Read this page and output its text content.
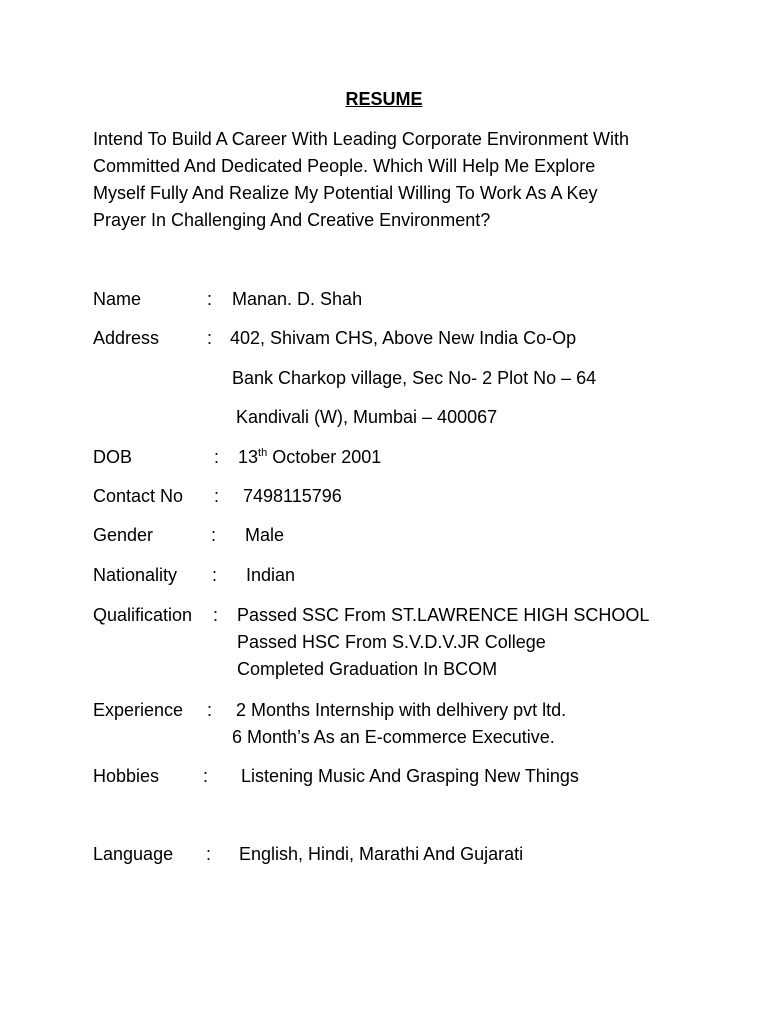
RESUME
Intend To Build A Career With Leading Corporate Environment With
Committed And Dedicated People. Which Will Help Me Explore
Myself Fully And Realize My Potential Willing To Work As A Key
Prayer In Challenging And Creative Environment?
Name	: Manan. D. Shah
Address	: 402, Shivam CHS, Above New India Co-Op
Bank Charkop village, Sec No- 2 Plot No – 64
Kandivali (W), Mumbai – 400067
DOB	: 13th October 2001
Contact No : 7498115796
Gender	: Male
Nationality : Indian
Qualification : Passed SSC From ST.LAWRENCE HIGH SCHOOL
Passed HSC From S.V.D.V.JR College
Completed Graduation In BCOM
Experience : 2 Months Internship with delhivery pvt ltd.
6 Month’s As an E-commerce Executive.
Hobbies : Listening Music And Grasping New Things
Language : English, Hindi, Marathi And Gujarati
